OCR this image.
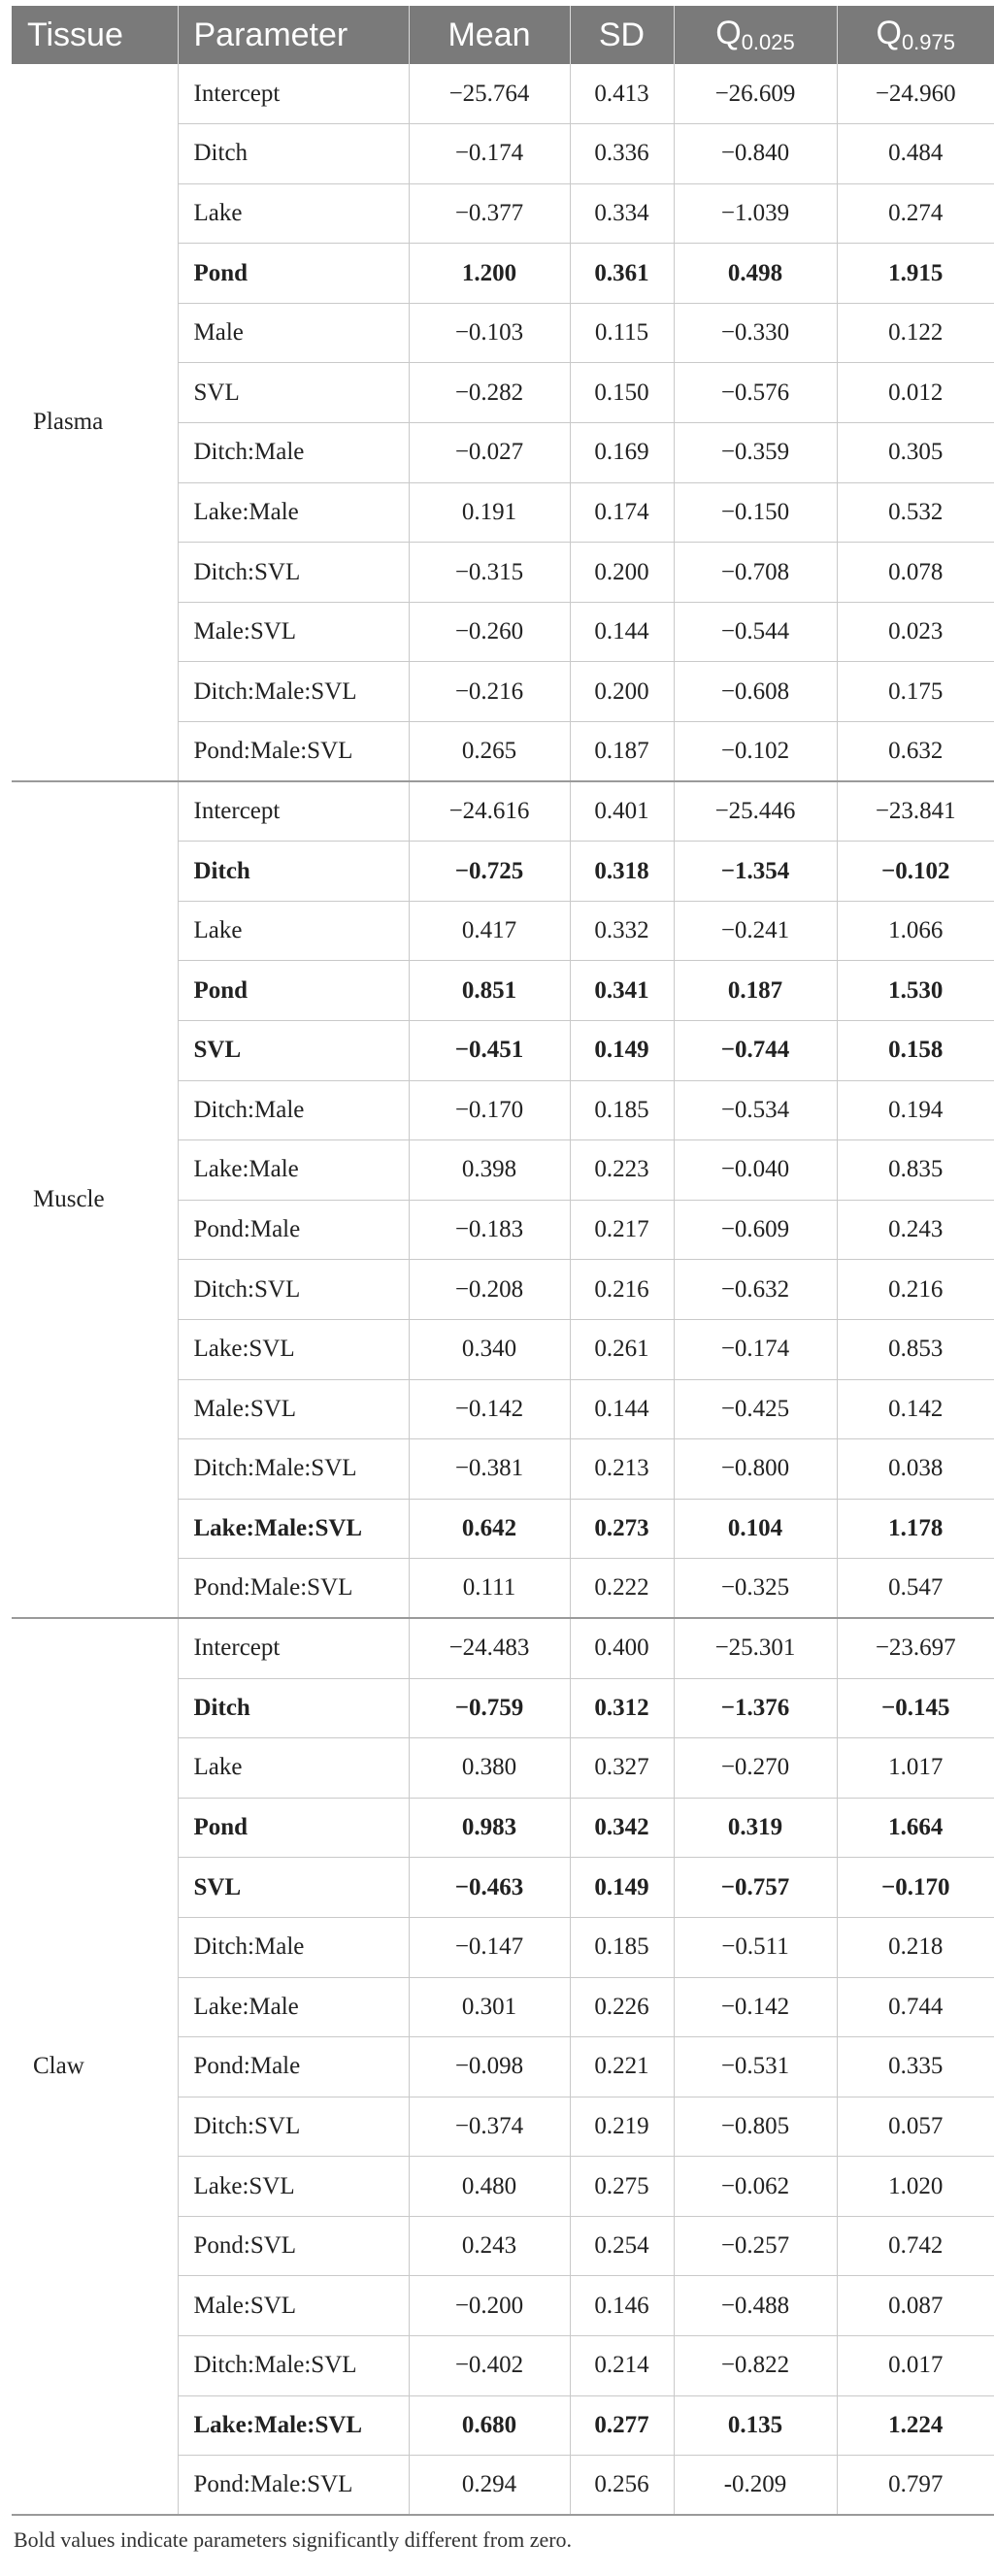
Tissue	Parameter	Mean	SD	$Q_{0.025}$	$Q_{0.975}$
Plasma	Intercept	−25.764	0.413	−26.609	−24.960
	Ditch	−0.174	0.336	−0.840	0.484
	Lake	−0.377	0.334	−1.039	0.274
	Pond	1.200	0.361	0.498	1.915
	Male	−0.103	0.115	−0.330	0.122
	SVL	−0.282	0.150	−0.576	0.012
	Ditch:Male	−0.027	0.169	−0.359	0.305
	Lake:Male	0.191	0.174	−0.150	0.532
	Ditch:SVL	−0.315	0.200	−0.708	0.078
	Male:SVL	−0.260	0.144	−0.544	0.023
	Ditch:Male:SVL	−0.216	0.200	−0.608	0.175
	Pond:Male:SVL	0.265	0.187	−0.102	0.632
Muscle	Intercept	−24.616	0.401	−25.446	−23.841
	Ditch	−0.725	0.318	−1.354	−0.102
	Lake	0.417	0.332	−0.241	1.066
	Pond	0.851	0.341	0.187	1.530
	SVL	−0.451	0.149	−0.744	0.158
	Ditch:Male	−0.170	0.185	−0.534	0.194
	Lake:Male	0.398	0.223	−0.040	0.835
	Pond:Male	−0.183	0.217	−0.609	0.243
	Ditch:SVL	−0.208	0.216	−0.632	0.216
	Lake:SVL	0.340	0.261	−0.174	0.853
	Male:SVL	−0.142	0.144	−0.425	0.142
	Ditch:Male:SVL	−0.381	0.213	−0.800	0.038
	Lake:Male:SVL	0.642	0.273	0.104	1.178
	Pond:Male:SVL	0.111	0.222	−0.325	0.547
Claw	Intercept	−24.483	0.400	−25.301	−23.697
	Ditch	−0.759	0.312	−1.376	−0.145
	Lake	0.380	0.327	−0.270	1.017
	Pond	0.983	0.342	0.319	1.664
	SVL	−0.463	0.149	−0.757	−0.170
	Ditch:Male	−0.147	0.185	−0.511	0.218
	Lake:Male	0.301	0.226	−0.142	0.744
	Pond:Male	−0.098	0.221	−0.531	0.335
	Ditch:SVL	−0.374	0.219	−0.805	0.057
	Lake:SVL	0.480	0.275	−0.062	1.020
	Pond:SVL	0.243	0.254	−0.257	0.742
	Male:SVL	−0.200	0.146	−0.488	0.087
	Ditch:Male:SVL	−0.402	0.214	−0.822	0.017
	Lake:Male:SVL	0.680	0.277	0.135	1.224
	Pond:Male:SVL	0.294	0.256	-0.209	0.797
Bold values indicate parameters significantly different from zero.
